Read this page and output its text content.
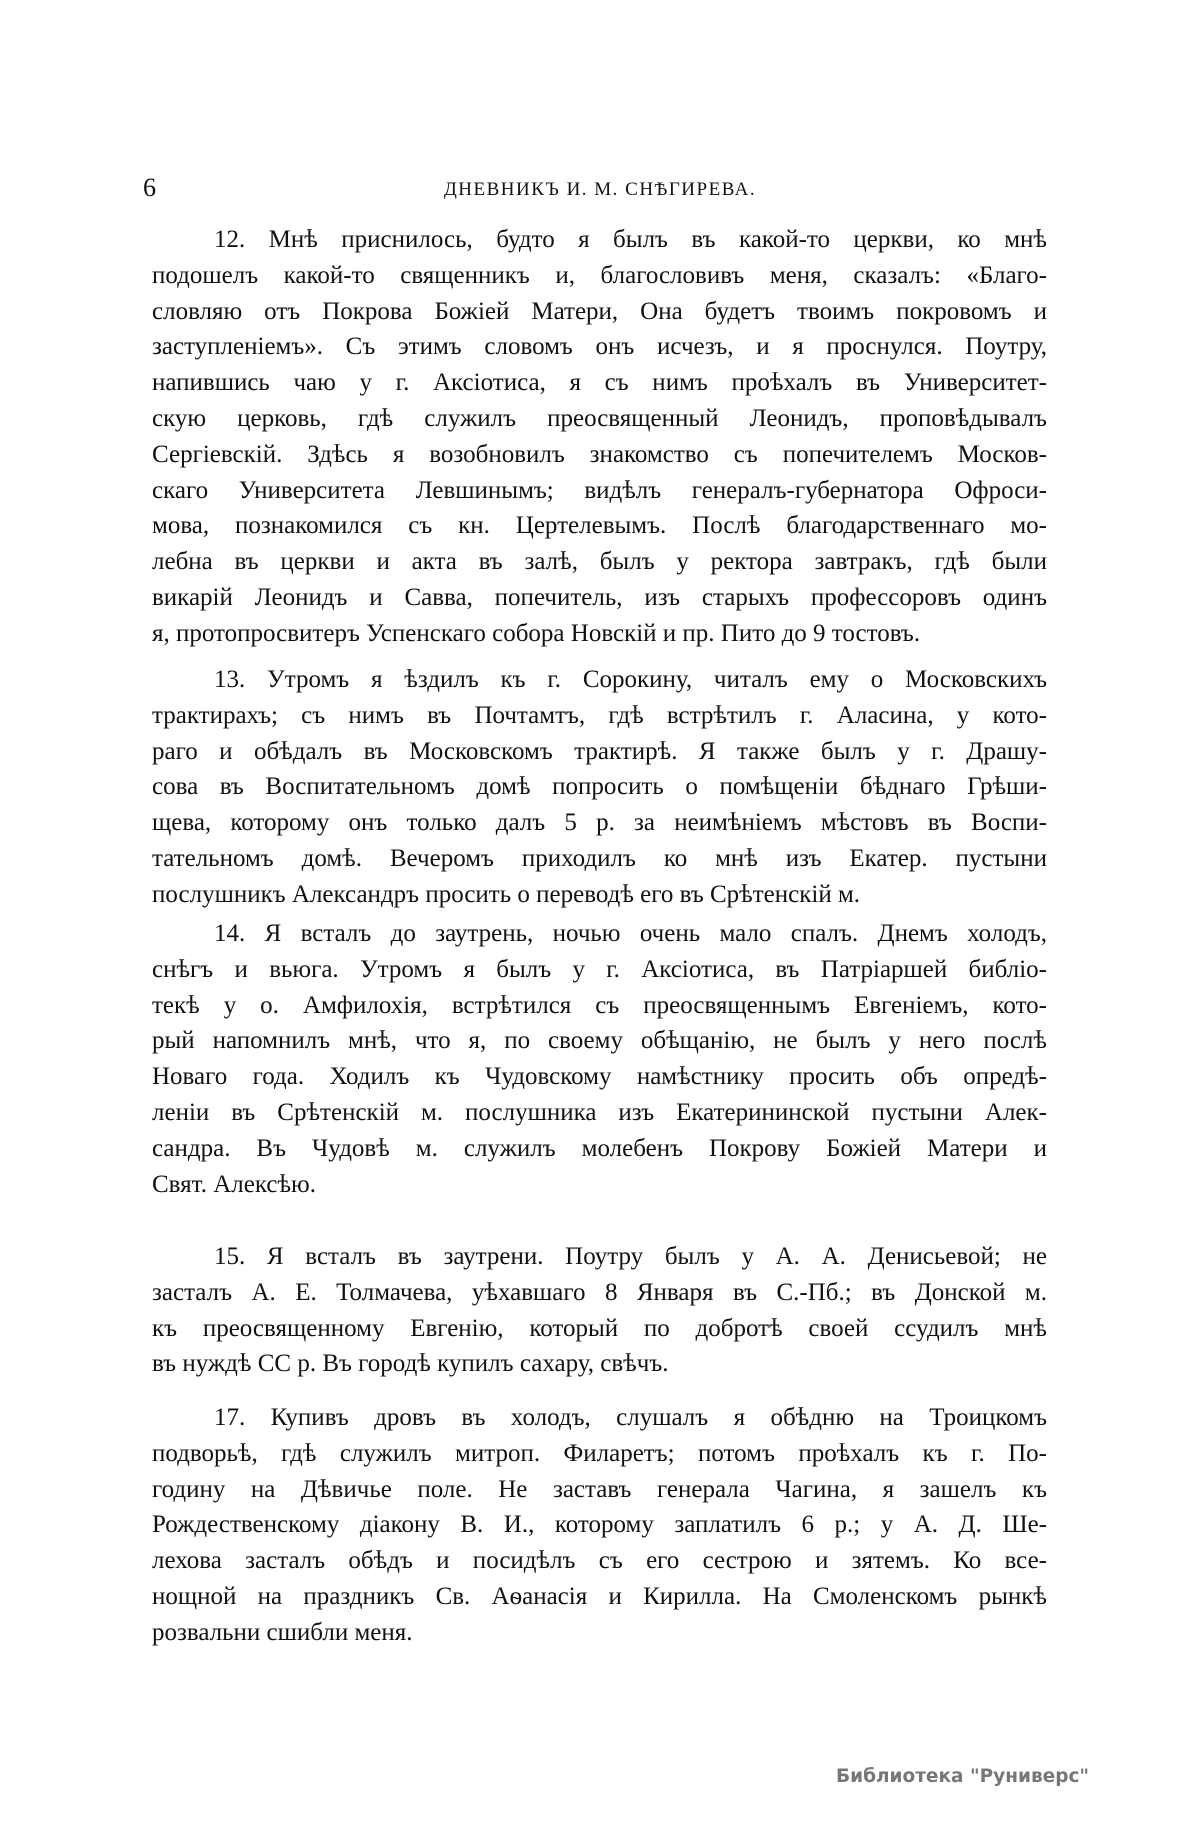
6	ДНЕВНИКЪ И. М. СНѢГИРЕВА.
12. Мнѣ приснилось, будто я былъ въ какой-то церкви, ко мнѣ
подошелъ какой-то священникъ и, благословивъ меня, сказалъ: «Благо-
словляю отъ Покрова Божіей Матери, Она будетъ твоимъ покровомъ и
заступленіемъ». Съ этимъ словомъ онъ исчезъ, и я проснулся. Поутру,
напившись чаю у г. Аксіотиса, я съ нимъ проѣхалъ въ Университет-
скую церковь, гдѣ служилъ преосвященный Леонидъ, проповѣдывалъ
Сергіевскій. Здѣсь я возобновилъ знакомство съ попечителемъ Москов-
скаго Университета Левшинымъ; видѣлъ генералъ-губернатора Офроси-
мова, познакомился съ кн. Цертелевымъ. Послѣ благодарственнаго мо-
лебна въ церкви и акта въ залѣ, былъ у ректора завтракъ, гдѣ были
викарій Леонидъ и Савва, попечитель, изъ старыхъ профессоровъ одинъ
я, протопросвитеръ Успенскаго собора Новскій и пр. Пито до 9 тостовъ.
13. Утромъ я ѣздилъ къ г. Сорокину, читалъ ему о Московскихъ
трактирахъ; съ нимъ въ Почтамтъ, гдѣ встрѣтилъ г. Аласина, у кото-
раго и обѣдалъ въ Московскомъ трактирѣ. Я также былъ у г. Драшу-
сова въ Воспитательномъ домѣ попросить о помѣщеніи бѣднаго Грѣши-
щева, которому онъ только далъ 5 р. за неимѣніемъ мѣстовъ въ Воспи-
тательномъ домѣ. Вечеромъ приходилъ ко мнѣ изъ Екатер. пустыни
послушникъ Александръ просить о переводѣ его въ Срѣтенскій м.
14. Я всталъ до заутрень, ночью очень мало спалъ. Днемъ холодъ,
снѣгъ и вьюга. Утромъ я былъ у г. Аксіотиса, въ Патріаршей библіо-
текѣ у о. Амфилохія, встрѣтился съ преосвященнымъ Евгеніемъ, кото-
рый напомнилъ мнѣ, что я, по своему обѣщанію, не былъ у него послѣ
Новаго года. Ходилъ къ Чудовскому намѣстнику просить объ опредѣ-
леніи въ Срѣтенскій м. послушника изъ Екатерининской пустыни Алек-
сандра. Въ Чудовѣ м. служилъ молебенъ Покрову Божіей Матери и
Свят. Алексѣю.
15. Я всталъ въ заутрени. Поутру былъ у А. А. Денисьевой; не
засталъ А. Е. Толмачева, уѣхавшаго 8 Января въ С.-Пб.; въ Донской м.
къ преосвященному Евгенію, который по добротѣ своей ссудилъ мнѣ
въ нуждѣ СС р. Въ городѣ купилъ сахару, свѣчъ.
17. Купивъ дровъ въ холодъ, слушалъ я обѣдню на Троицкомъ
подворьѣ, гдѣ служилъ митроп. Филаретъ; потомъ проѣхалъ къ г. По-
годину на Дѣвичье поле. Не заставъ генерала Чагина, я зашелъ къ
Рождественскому діакону В. И., которому заплатилъ 6 р.; у А. Д. Ше-
лехова засталъ обѣдъ и посидѣлъ съ его сестрою и зятемъ. Ко все-
нощной на праздникъ Св. Аѳанасія и Кирилла. На Смоленскомъ рынкѣ
розвальни сшибли меня.
Библиотека "Руниверс"
